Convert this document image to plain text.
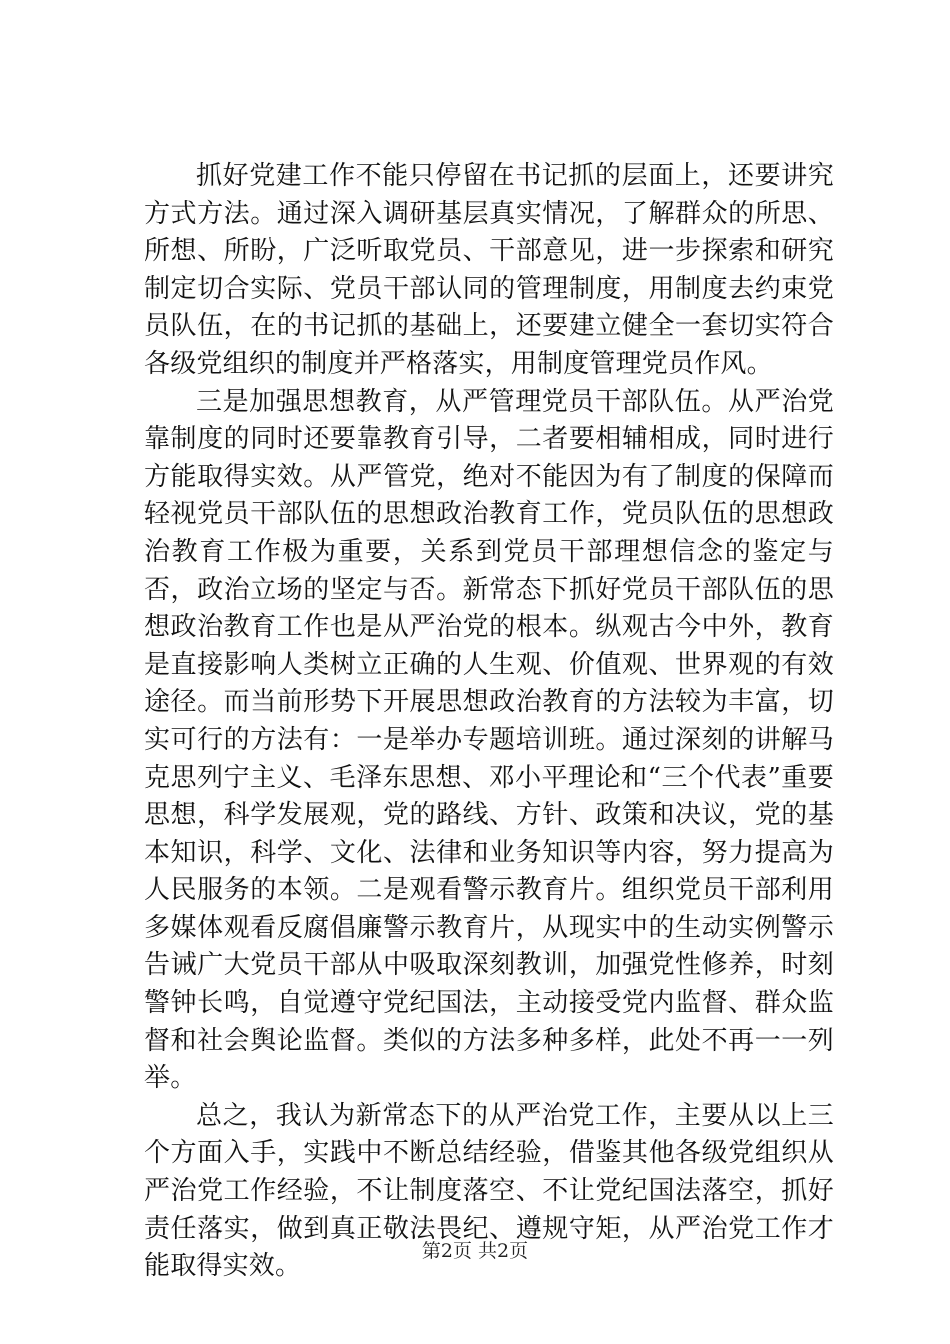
抓好党建工作不能只停留在书记抓的层面上，还要讲究方式方法。通过深入调研基层真实情况，了解群众的所思、所想、所盼，广泛听取党员、干部意见，进一步探索和研究制定切合实际、党员干部认同的管理制度，用制度去约束党员队伍，在的书记抓的基础上，还要建立健全一套切实符合各级党组织的制度并严格落实，用制度管理党员作风。

三是加强思想教育，从严管理党员干部队伍。从严治党靠制度的同时还要靠教育引导，二者要相辅相成，同时进行方能取得实效。从严管党，绝对不能因为有了制度的保障而轻视党员干部队伍的思想政治教育工作，党员队伍的思想政治教育工作极为重要，关系到党员干部理想信念的鉴定与否，政治立场的坚定与否。新常态下抓好党员干部队伍的思想政治教育工作也是从严治党的根本。纵观古今中外，教育是直接影响人类树立正确的人生观、价值观、世界观的有效途径。而当前形势下开展思想政治教育的方法较为丰富，切实可行的方法有：一是举办专题培训班。通过深刻的讲解马克思列宁主义、毛泽东思想、邓小平理论和“三个代表”重要思想，科学发展观，党的路线、方针、政策和决议，党的基本知识，科学、文化、法律和业务知识等内容，努力提高为人民服务的本领。二是观看警示教育片。组织党员干部利用多媒体观看反腐倡廉警示教育片，从现实中的生动实例警示告诫广大党员干部从中吸取深刻教训，加强党性修养，时刻警钟长鸣，自觉遵守党纪国法，主动接受党内监督、群众监督和社会舆论监督。类似的方法多种多样，此处不再一一列举。

总之，我认为新常态下的从严治党工作，主要从以上三个方面入手，实践中不断总结经验，借鉴其他各级党组织从严治党工作经验，不让制度落空、不让党纪国法落空，抓好责任落实，做到真正敬法畏纪、遵规守矩，从严治党工作才能取得实效。

第2页 共2页
